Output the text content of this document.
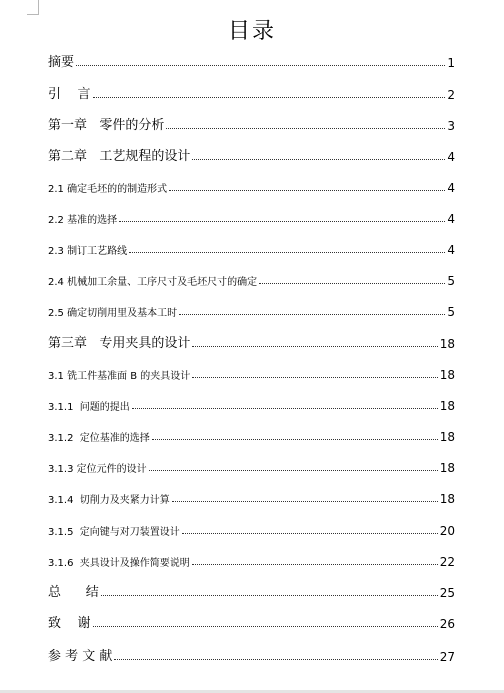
目录
摘要	1
引    言	2
第一章   零件的分析	3
第二章   工艺规程的设计	4
2.1 确定毛坯的的制造形式	4
2.2 基准的选择	4
2.3 制订工艺路线	4
2.4 机械加工余量、工序尺寸及毛坯尺寸的确定	5
2.5 确定切削用里及基本工时	5
第三章   专用夹具的设计	18
3.1 铣工件基准面 B 的夹具设计	18
3.1.1  问题的提出	18
3.1.2  定位基准的选择	18
3.1.3 定位元件的设计	18
3.1.4  切削力及夹紧力计算	18
3.1.5  定向键与对刀装置设计	20
3.1.6  夹具设计及操作简要说明	22
总      结	25
致    谢	26
参 考 文 献	27
